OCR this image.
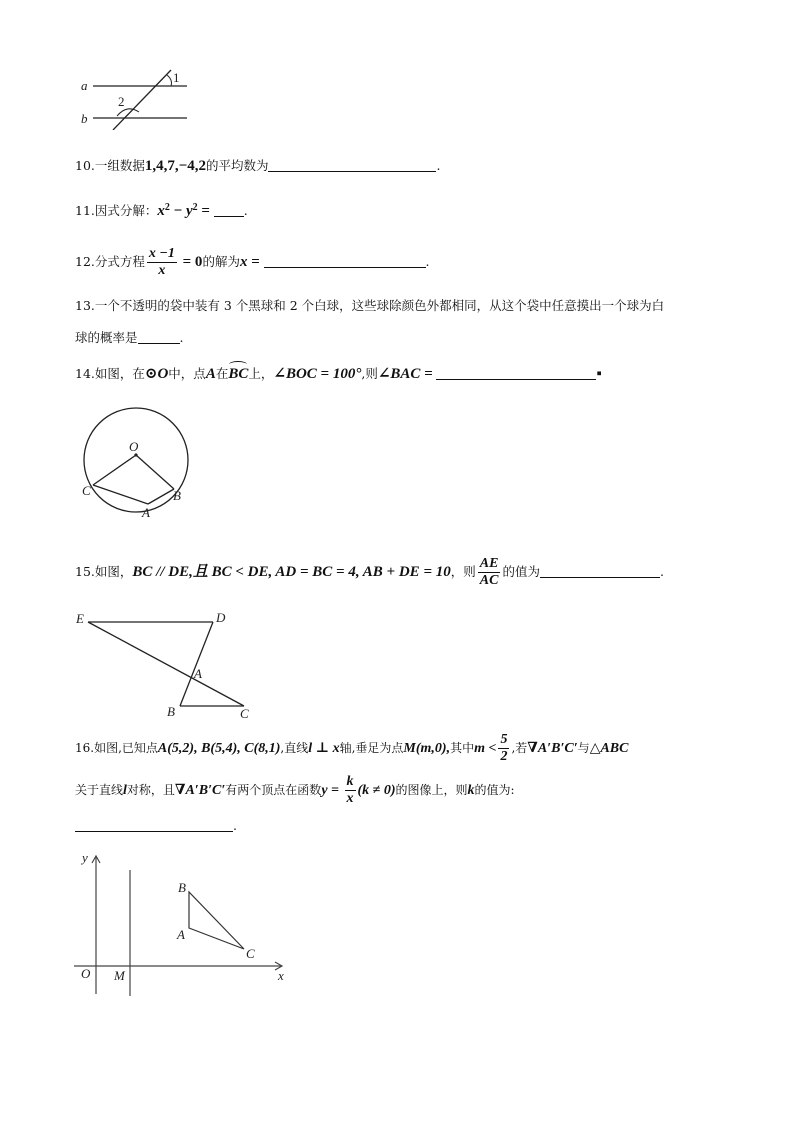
a
b
1
2
10.一组数据1,4,7,−4,2的平均数为	.
11.因式分解：$x^2 - y^2$ = .
12.分式方程 $\frac{x -1}{x} = 0$的解为x =	.
13.一个不透明的袋中装有 3 个黑球和 2 个白球，这些球除颜色外都相同，从这个袋中任意摸出一个球为白
球的概率是	.
14.如图，在⊙O中，点A在BC上，∠BOC = 100°,则∠BAC =	▪
O
C	B
A
15.如图，BC // DE,且 BC < DE, AD = BC = 4, AB + DE = 10，则 $\frac{AE}{AC}$ 的值为	.
E	D
A
B	C
16.如图,已知点A(5,2), B(5,4), C(8,1),直线l ⊥ x轴,垂足为点M(m,0),其中$m < \frac{5}{2}$ ,若∇A′B′C′与△ABC
关于直线l对称，且∇A′B′C′有两个顶点在函数$y = \frac{k}{x} (k \ne 0)$的图像上，则k的值为:
.
y
x
O M
B
A
C
